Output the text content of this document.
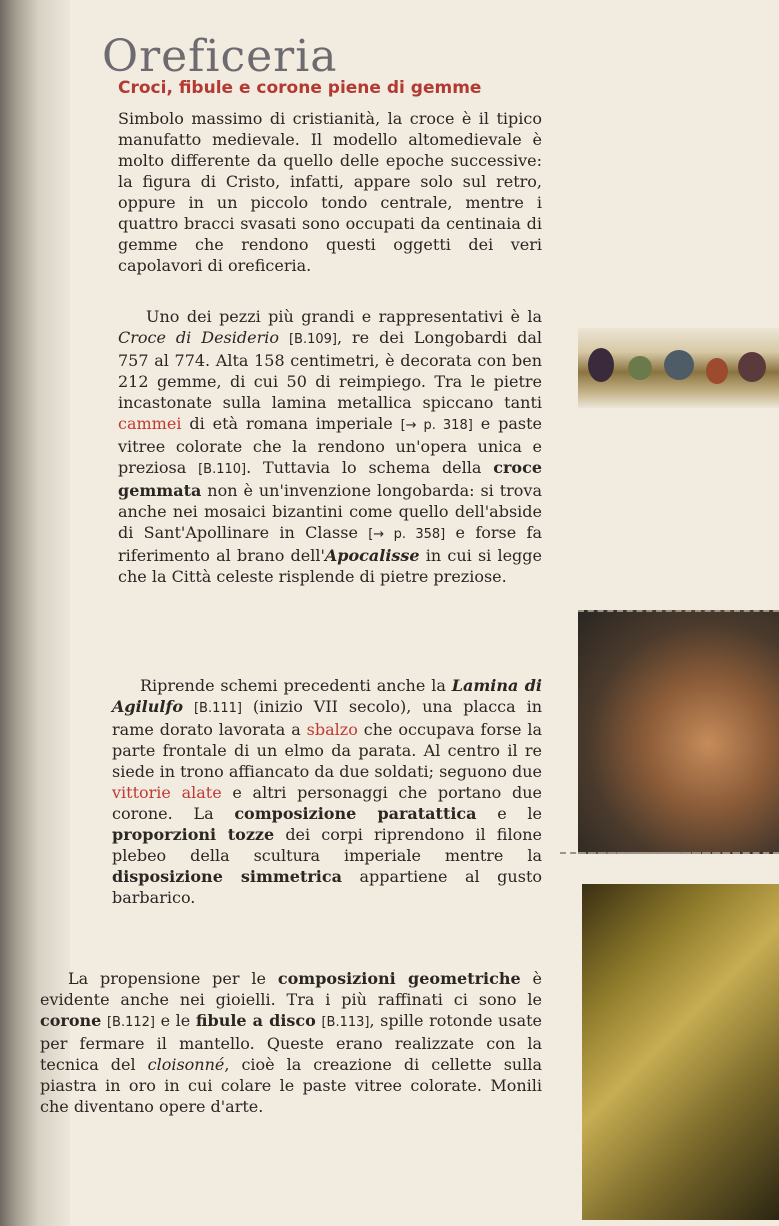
Oreficeria
Croci, fibule e corone piene di gemme

Simbolo massimo di cristianità, la croce è il tipico manufatto medievale. Il modello altomedievale è molto differente da quello delle epoche successive: la figura di Cristo, infatti, appare solo sul retro, oppure in un piccolo tondo centrale, mentre i quattro bracci svasati sono occupati da centinaia di gemme che rendono questi oggetti dei veri capolavori di oreficeria.

Uno dei pezzi più grandi e rappresentativi è la Croce di Desiderio [B.109], re dei Longobardi dal 757 al 774. Alta 158 centimetri, è decorata con ben 212 gemme, di cui 50 di reimpiego. Tra le pietre incastonate sulla lamina metallica spiccano tanti cammei di età romana imperiale [→ p. 318] e paste vitree colorate che la rendono un'opera unica e preziosa [B.110]. Tuttavia lo schema della croce gemmata non è un'invenzione longobarda: si trova anche nei mosaici bizantini come quello dell'abside di Sant'Apollinare in Classe [→ p. 358] e forse fa riferimento al brano dell'Apocalisse in cui si legge che la Città celeste risplende di pietre preziose.

Riprende schemi precedenti anche la Lamina di Agilulfo [B.111] (inizio VII secolo), una placca in rame dorato lavorata a sbalzo che occupava forse la parte frontale di un elmo da parata. Al centro il re siede in trono affiancato da due soldati; seguono due vittorie alate e altri personaggi che portano due corone. La composizione paratattica e le proporzioni tozze dei corpi riprendono il filone plebeo della scultura imperiale mentre la disposizione simmetrica appartiene al gusto barbarico.

La propensione per le composizioni geometriche è evidente anche nei gioielli. Tra i più raffinati ci sono le corone [B.112] e le fibule a disco [B.113], spille rotonde usate per fermare il mantello. Queste erano realizzate con la tecnica del cloisonné, cioè la creazione di cellette sulla piastra in oro in cui colare le paste vitree colorate. Monili che diventano opere d'arte.
